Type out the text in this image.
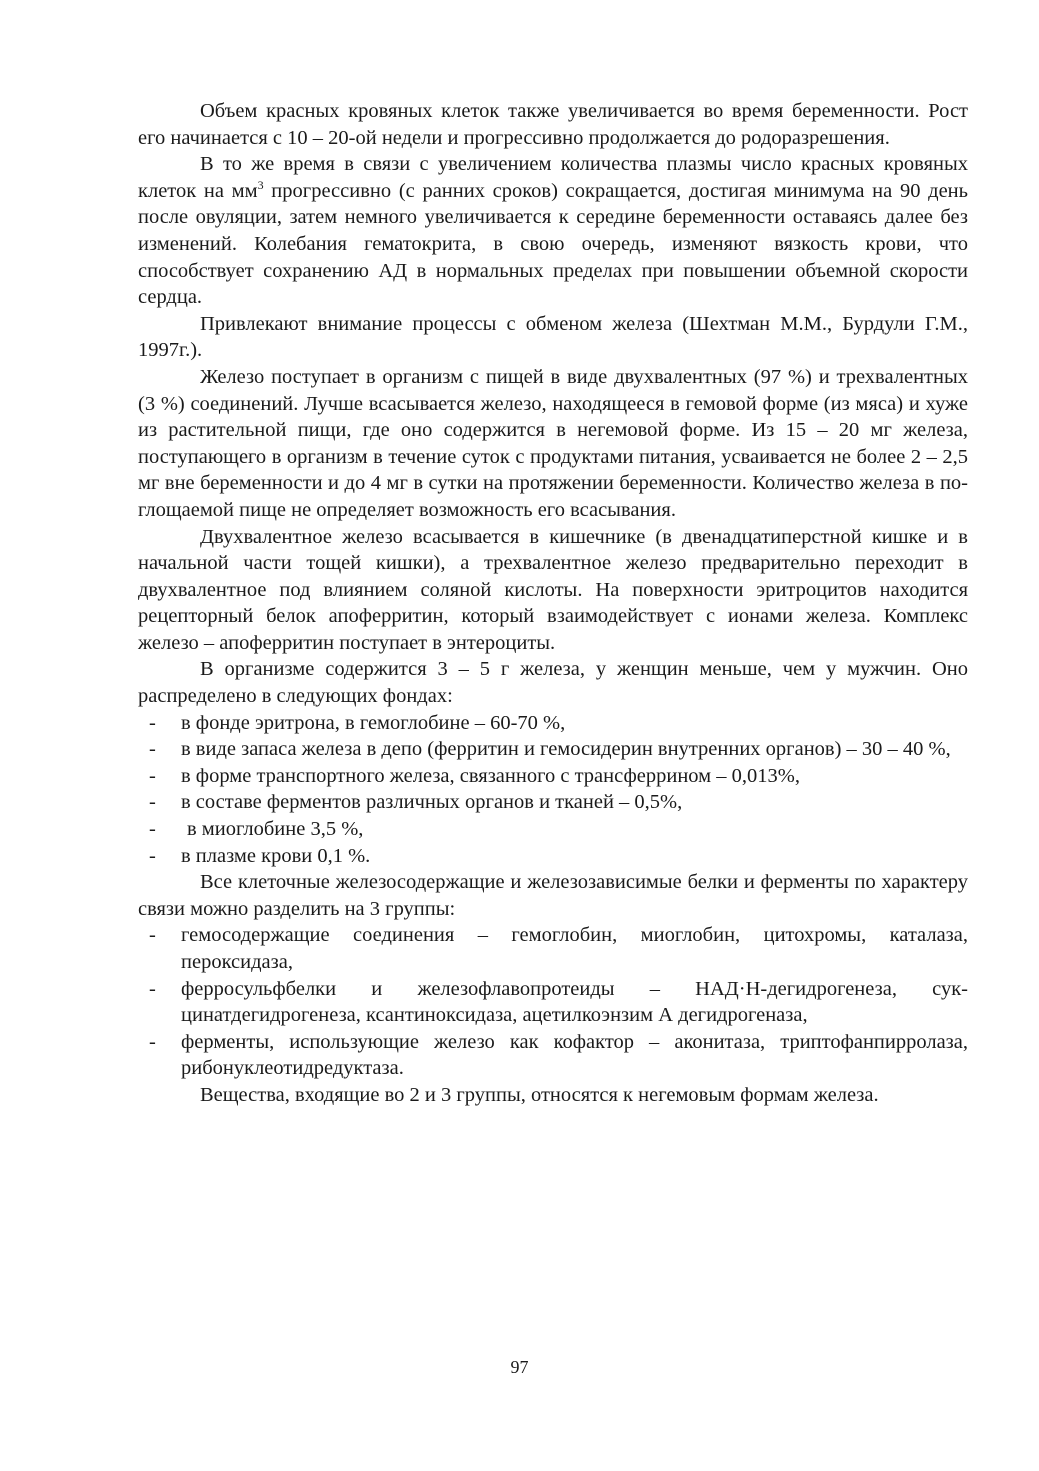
Объем красных кровяных клеток также увеличивается во время беременности. Рост его начинается с 10 – 20-ой недели и прогрессивно продолжается до родоразрешения.

В то же время в связи с увеличением количества плазмы число красных кровяных клеток на $мм^3$ прогрессивно (с ранних сроков) сокращается, достигая минимума на 90 день после овуляции, затем немного увеличивается к середине беременности оставаясь далее без изменений. Колебания гематокрита, в свою очередь, изменяют вязкость крови, что способствует сохранению АД в нормальных пределах при повышении объемной скорости сердца.

Привлекают внимание процессы с обменом железа (Шехтман М.М., Бурдули Г.М., 1997г.).

Железо поступает в организм с пищей в виде двухвалентных (97 %) и трехвалентных (3 %) соединений. Лучше всасывается железо, находящееся в гемовой форме (из мяса) и хуже из растительной пищи, где оно содержится в негемовой форме. Из 15 – 20 мг железа, поступающего в организм в течение суток с продуктами питания, усваивается не более 2 – 2,5 мг вне беременности и до 4 мг в сутки на протяжении беременности. Количество железа в поглощаемой пище не определяет возможность его всасывания.

Двухвалентное железо всасывается в кишечнике (в двенадцатиперстной кишке и в начальной части тощей кишки), а трехвалентное железо предварительно переходит в двухвалентное под влиянием соляной кислоты. На поверхности эритроцитов находится рецепторный белок апоферритин, который взаимодействует с ионами железа. Комплекс железо – апоферритин поступает в энтероциты.

В организме содержится 3 – 5 г железа, у женщин меньше, чем у мужчин. Оно распределено в следующих фондах:

- в фонде эритрона, в гемоглобине – 60-70 %,
- в виде запаса железа в депо (ферритин и гемосидерин внутренних органов) – 30 – 40 %,
- в форме транспортного железа, связанного с трансферрином – 0,013%,
- в составе ферментов различных органов и тканей – 0,5%,
- в миоглобине 3,5 %,
- в плазме крови 0,1 %.

Все клеточные железосодержащие и железозависимые белки и ферменты по характеру связи можно разделить на 3 группы:

- гемосодержащие соединения – гемоглобин, миоглобин, цитохромы, каталаза, пероксидаза,
- ферросульфбелки и железофлавопротеиды – НАД·Н-дегидрогенеза, сукцинатдегидрогенеза, ксантиноксидаза, ацетилкоэнзим А дегидрогеназа,
- ферменты, использующие железо как кофактор – аконитаза, триптофанпирролаза, рибонуклеотидредуктаза.

Вещества, входящие во 2 и 3 группы, относятся к негемовым формам железа.

97
